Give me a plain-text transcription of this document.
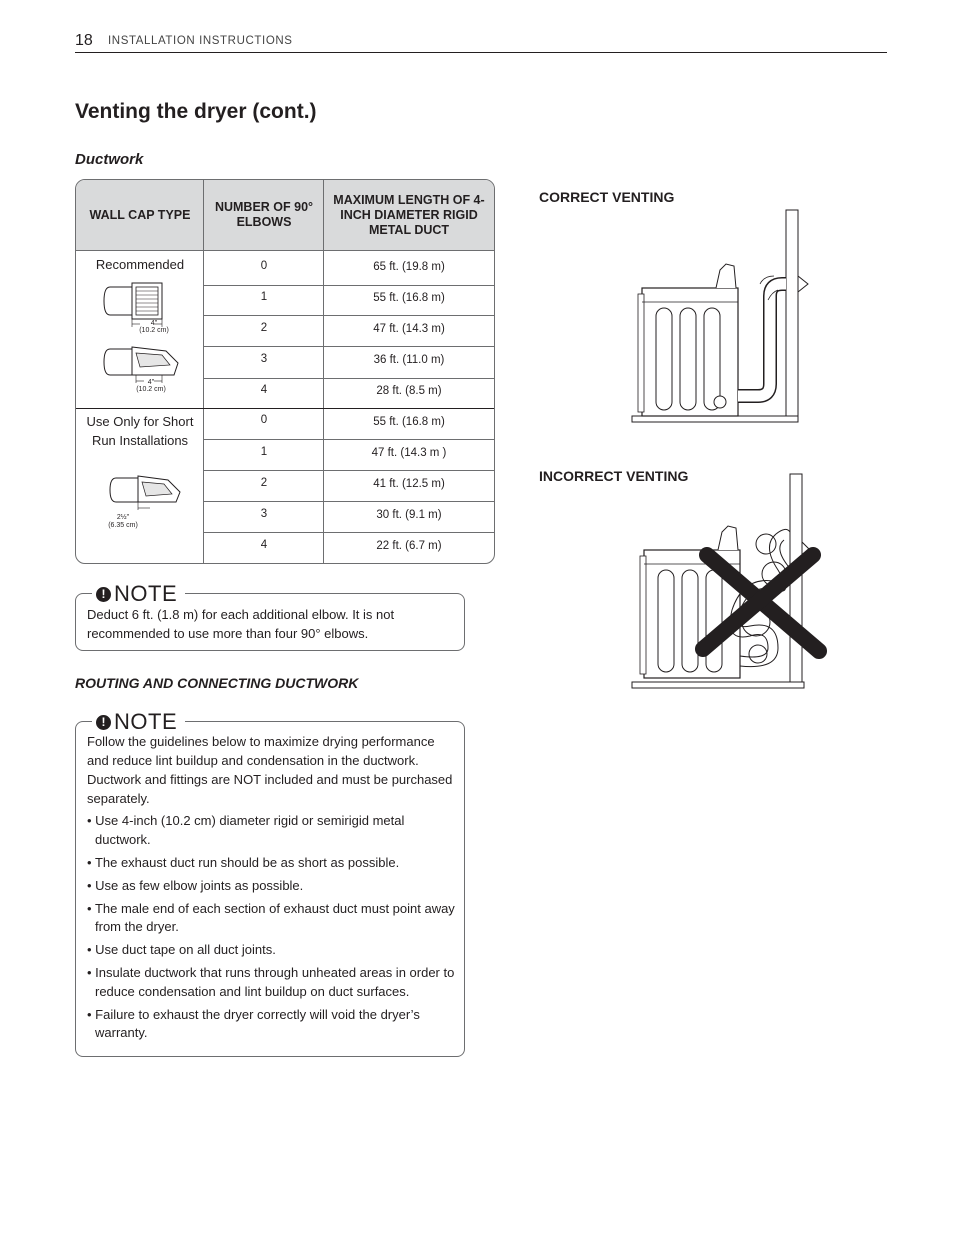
18 INSTALLATION INSTRUCTIONS
Venting the dryer (cont.)
Ductwork
WALL CAP TYPE
NUMBER OF 90° ELBOWS
MAXIMUM LENGTH OF 4-INCH DIAMETER RIGID METAL DUCT
Recommended
4"
(10.2 cm)
4"
(10.2 cm)
0	65 ft. (19.8 m)
1	55 ft. (16.8 m)
2	47 ft. (14.3 m)
3	36 ft. (11.0 m)
4	28 ft. (8.5 m)
Use Only for Short Run Installations
2½"
(6.35 cm)
0	55 ft. (16.8 m)
1	47 ft. (14.3 m )
2	41 ft. (12.5 m)
3	30 ft. (9.1 m)
4	22 ft. (6.7 m)
! NOTE
Deduct 6 ft. (1.8 m) for each additional elbow. It is not recommended to use more than four 90° elbows.
ROUTING AND CONNECTING DUCTWORK
! NOTE
Follow the guidelines below to maximize drying performance and reduce lint buildup and condensation in the ductwork. Ductwork and fittings are NOT included and must be purchased separately.
• Use 4-inch (10.2 cm) diameter rigid or semirigid metal ductwork.
• The exhaust duct run should be as short as possible.
• Use as few elbow joints as possible.
• The male end of each section of exhaust duct must point away from the dryer.
• Use duct tape on all duct joints.
• Insulate ductwork that runs through unheated areas in order to reduce condensation and lint buildup on duct surfaces.
• Failure to exhaust the dryer correctly will void the dryer’s warranty.
CORRECT VENTING
INCORRECT VENTING
